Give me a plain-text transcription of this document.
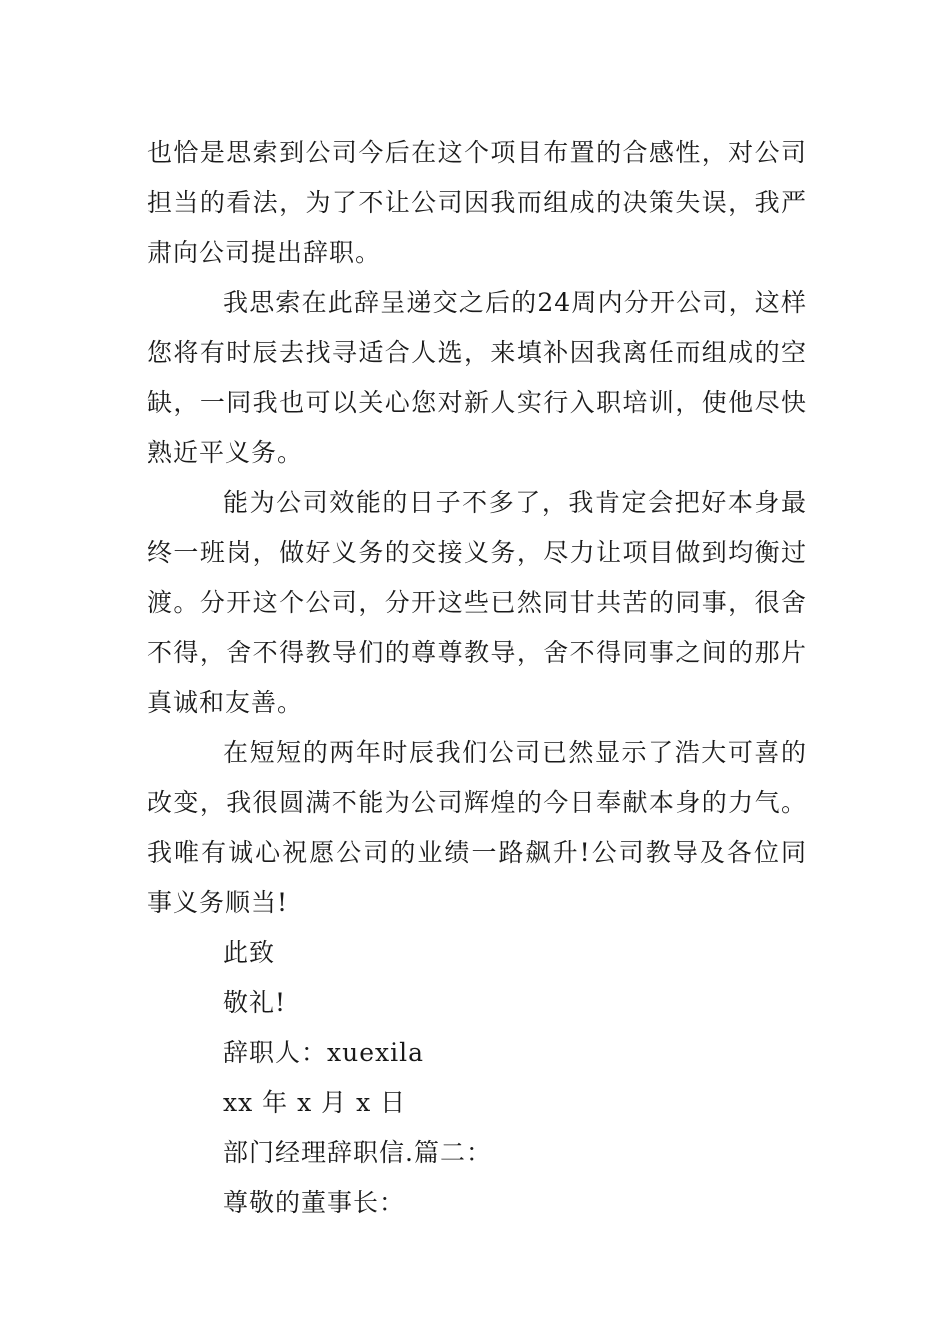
也恰是思索到公司今后在这个项目布置的合感性，对公司担当的看法，为了不让公司因我而组成的决策失误，我严肃向公司提出辞职。

我思索在此辞呈递交之后的24周内分开公司，这样您将有时辰去找寻适合人选，来填补因我离任而组成的空缺，一同我也可以关心您对新人实行入职培训，使他尽快熟近平义务。

能为公司效能的日子不多了，我肯定会把好本身最终一班岗，做好义务的交接义务，尽力让项目做到均衡过渡。分开这个公司，分开这些已然同甘共苦的同事，很舍不得，舍不得教导们的尊尊教导，舍不得同事之间的那片真诚和友善。

在短短的两年时辰我们公司已然显示了浩大可喜的改变，我很圆满不能为公司辉煌的今日奉献本身的力气。我唯有诚心祝愿公司的业绩一路飙升!公司教导及各位同事义务顺当!

此致

敬礼!

辞职人：xuexila

xx 年 x 月 x 日

部门经理辞职信.篇二：

尊敬的董事长：
